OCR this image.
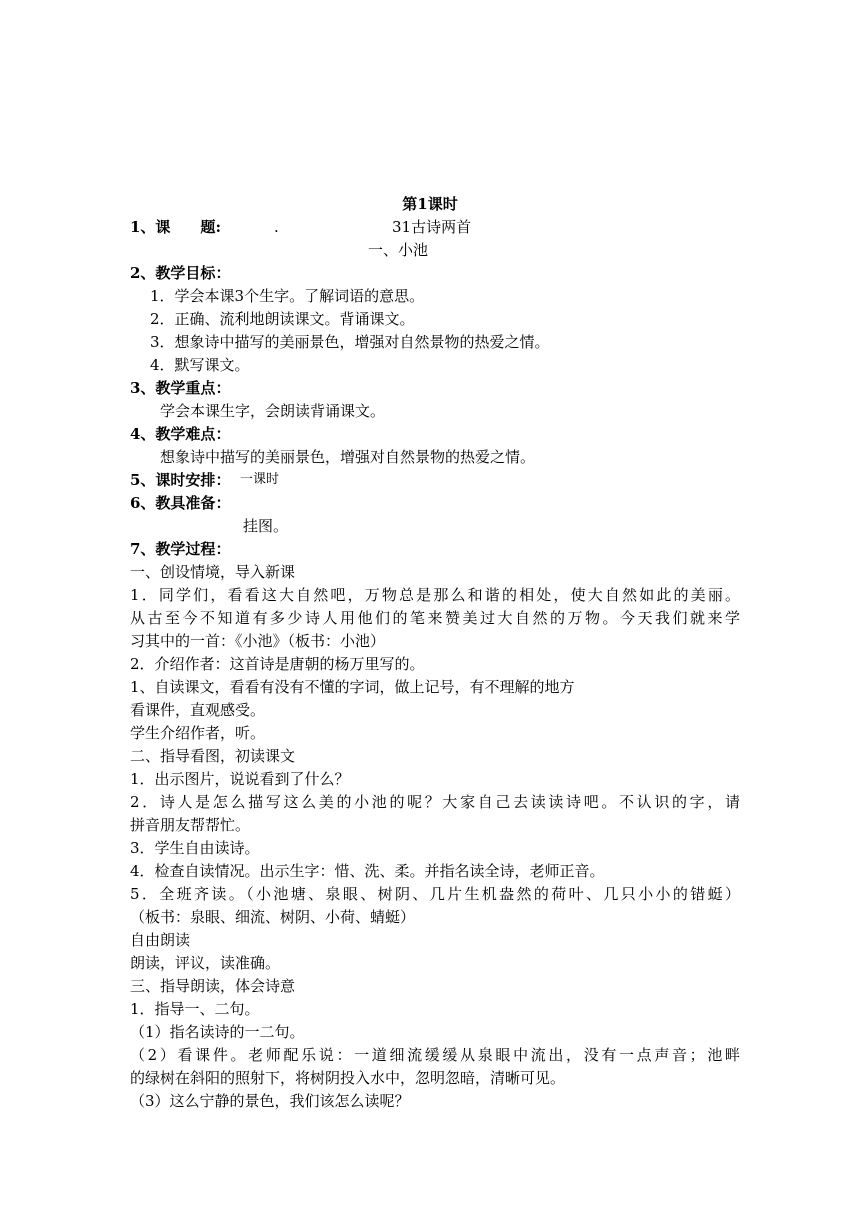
第1课时
1、课　　题:	.	31古诗两首
一、小池
2、教学目标：
1．学会本课3个生字。了解词语的意思。
2．正确、流利地朗读课文。背诵课文。
3．想象诗中描写的美丽景色，增强对自然景物的热爱之情。
4．默写课文。
3、教学重点：
学会本课生字，会朗读背诵课文。
4、教学难点：
想象诗中描写的美丽景色，增强对自然景物的热爱之情。
5、课时安排： 一课时
6、教具准备：
挂图。
7、教学过程：
一、创设情境，导入新课
1．同学们，看看这大自然吧，万物总是那么和谐的相处，使大自然如此的美丽。
从古至今不知道有多少诗人用他们的笔来赞美过大自然的万物。今天我们就来学
习其中的一首：《小池》（板书：小池）
2．介绍作者：这首诗是唐朝的杨万里写的。
1、自读课文，看看有没有不懂的字词，做上记号，有不理解的地方
看课件，直观感受。
学生介绍作者，听。
二、指导看图，初读课文
1．出示图片，说说看到了什么？
2．诗人是怎么描写这么美的小池的呢？大家自己去读读诗吧。不认识的字，请
拼音朋友帮帮忙。
3．学生自由读诗。
4．检查自读情况。出示生字：惜、洗、柔。并指名读全诗，老师正音。
5．全班齐读。（小池塘、泉眼、树阴、几片生机盎然的荷叶、几只小小的错蜓）
（板书：泉眼、细流、树阴、小荷、蜻蜓）
自由朗读
朗读，评议，读准确。
三、指导朗读，体会诗意
1．指导一、二句。
（1）指名读诗的一二句。
（2）看课件。老师配乐说：一道细流缓缓从泉眼中流出，没有一点声音；池畔
的绿树在斜阳的照射下，将树阴投入水中，忽明忽暗，清晰可见。
（3）这么宁静的景色，我们该怎么读呢？
